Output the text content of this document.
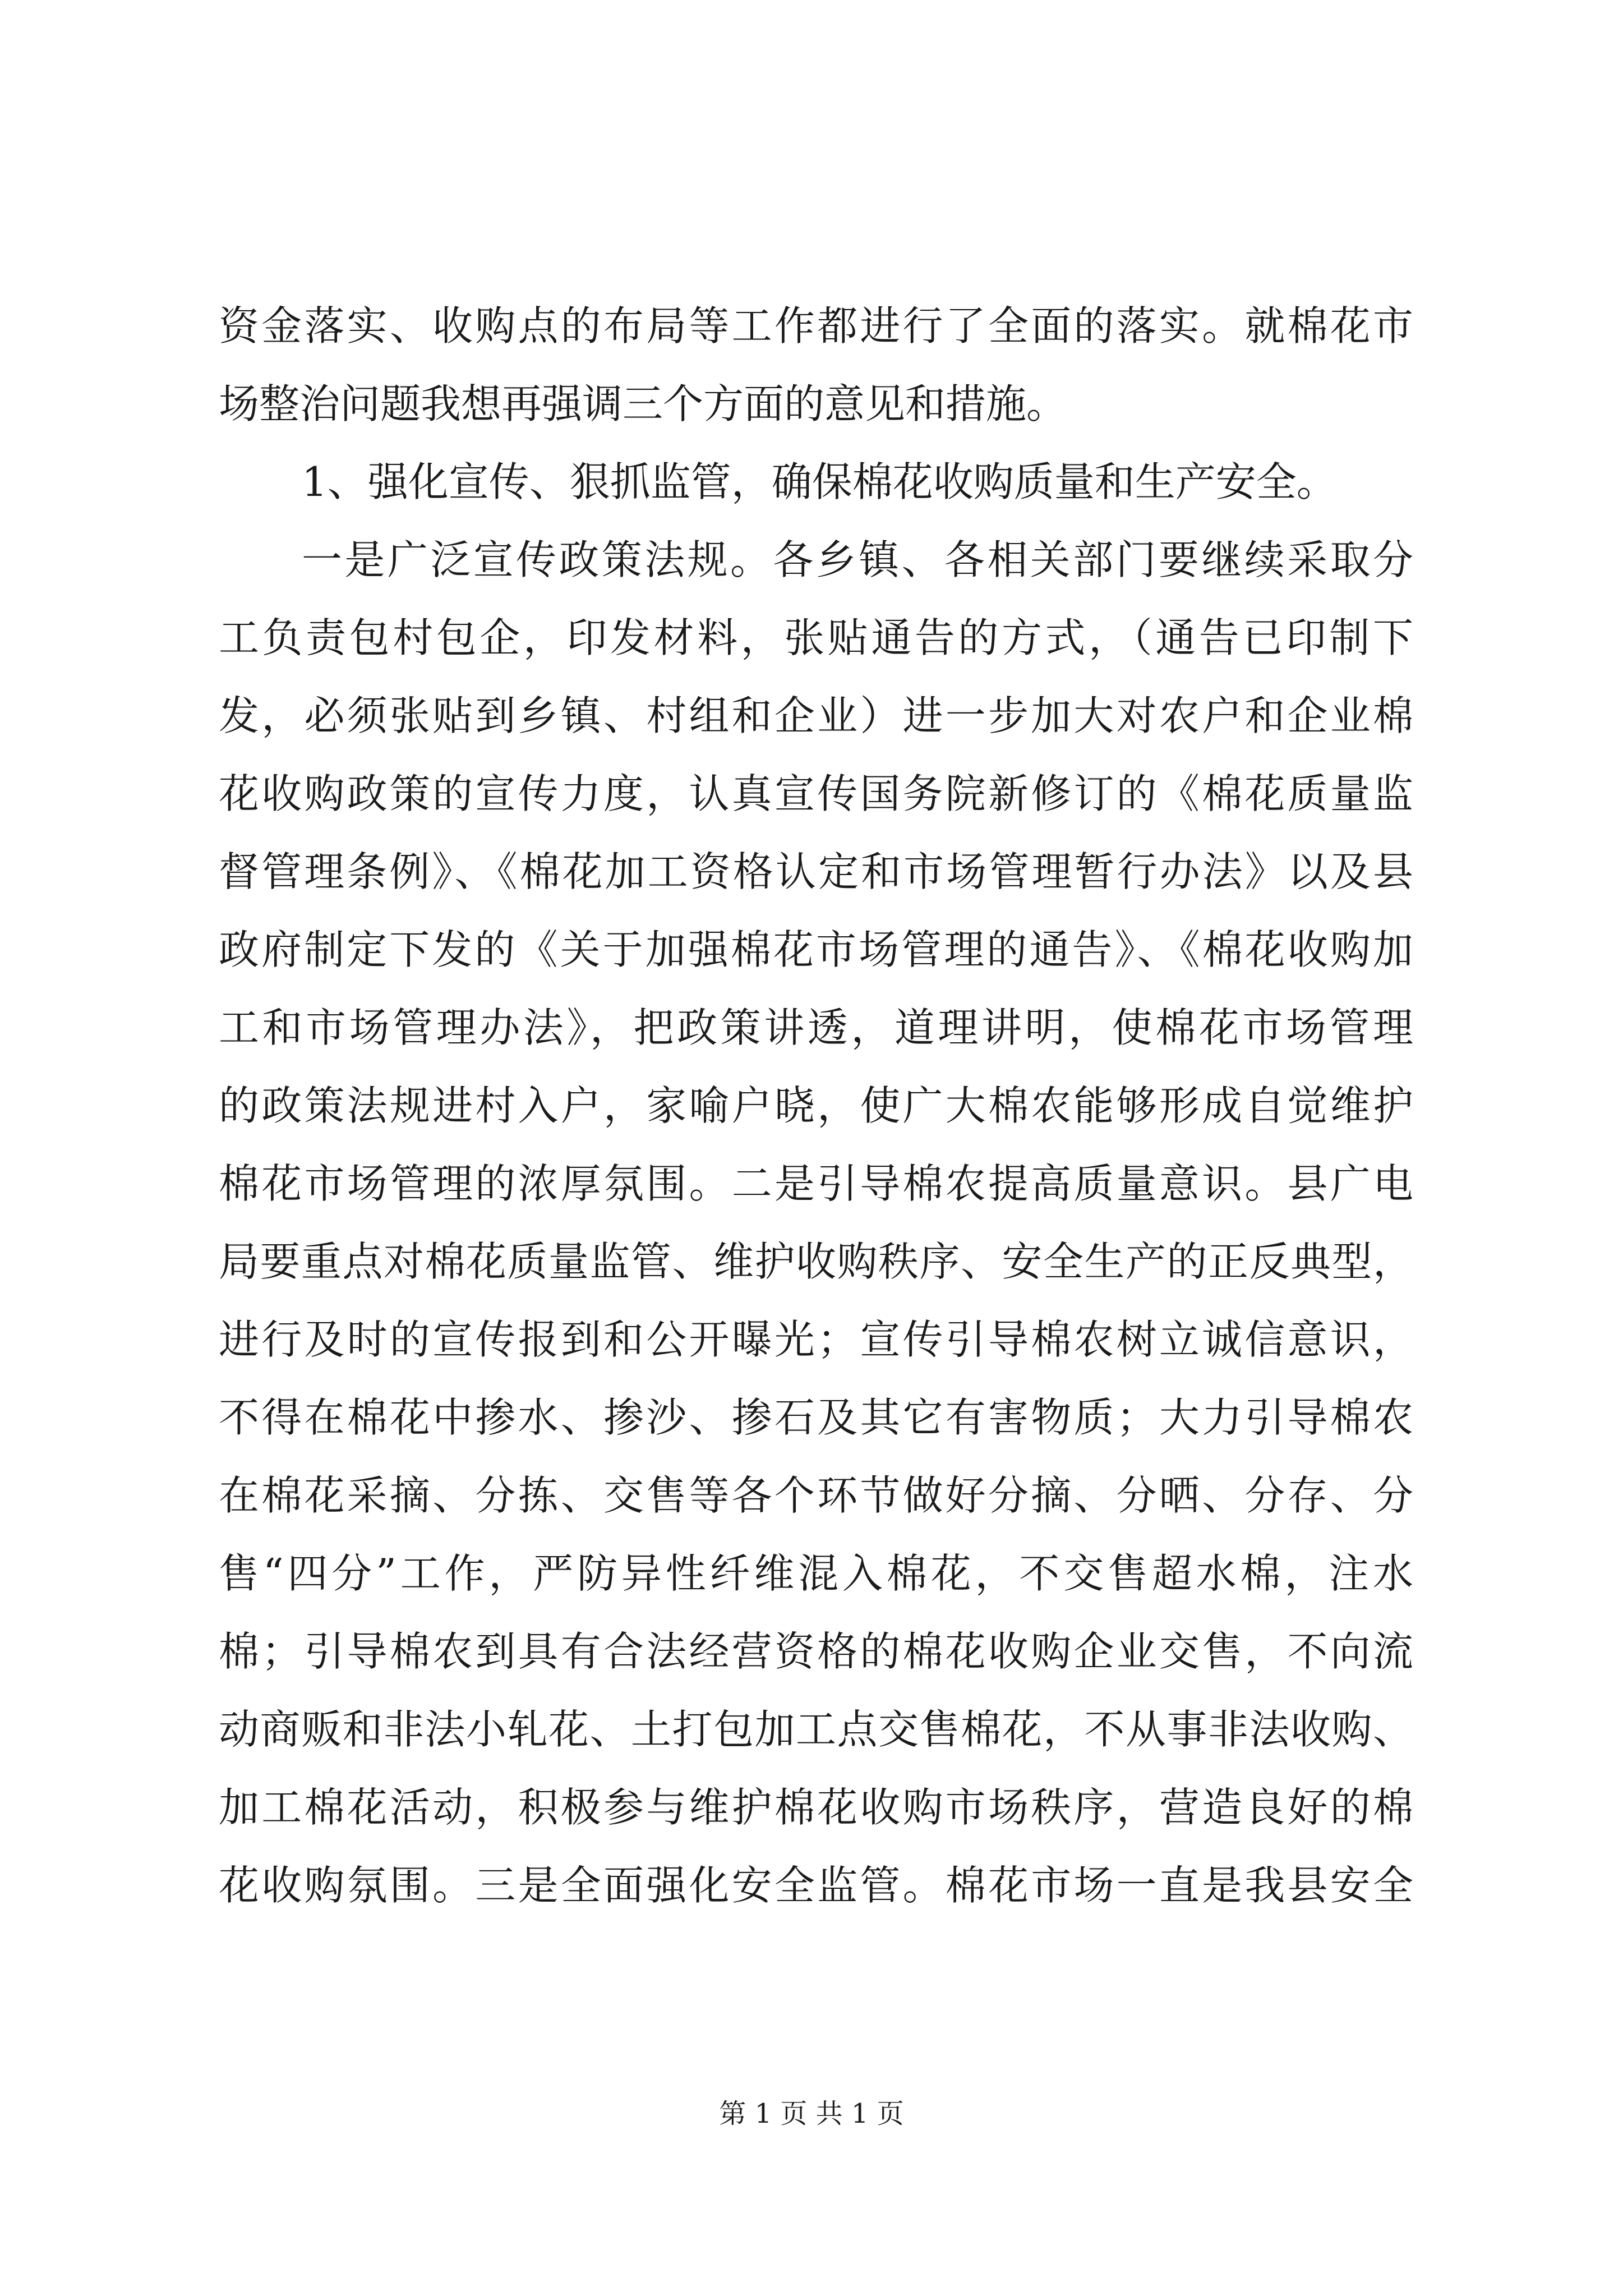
资金落实、收购点的布局等工作都进行了全面的落实。就棉花市
场整治问题我想再强调三个方面的意见和措施。
1、强化宣传、狠抓监管，确保棉花收购质量和生产安全。
一是广泛宣传政策法规。各乡镇、各相关部门要继续采取分
工负责包村包企，印发材料，张贴通告的方式，（通告已印制下
发，必须张贴到乡镇、村组和企业）进一步加大对农户和企业棉
花收购政策的宣传力度，认真宣传国务院新修订的《棉花质量监
督管理条例》、《棉花加工资格认定和市场管理暂行办法》以及县
政府制定下发的《关于加强棉花市场管理的通告》、《棉花收购加
工和市场管理办法》，把政策讲透，道理讲明，使棉花市场管理
的政策法规进村入户，家喻户晓，使广大棉农能够形成自觉维护
棉花市场管理的浓厚氛围。二是引导棉农提高质量意识。县广电
局要重点对棉花质量监管、维护收购秩序、安全生产的正反典型，
进行及时的宣传报到和公开曝光；宣传引导棉农树立诚信意识，
不得在棉花中掺水、掺沙、掺石及其它有害物质；大力引导棉农
在棉花采摘、分拣、交售等各个环节做好分摘、分晒、分存、分
售“四分”工作，严防异性纤维混入棉花，不交售超水棉，注水
棉；引导棉农到具有合法经营资格的棉花收购企业交售，不向流
动商贩和非法小轧花、土打包加工点交售棉花，不从事非法收购、
加工棉花活动，积极参与维护棉花收购市场秩序，营造良好的棉
花收购氛围。三是全面强化安全监管。棉花市场一直是我县安全
第 1 页 共 1 页
